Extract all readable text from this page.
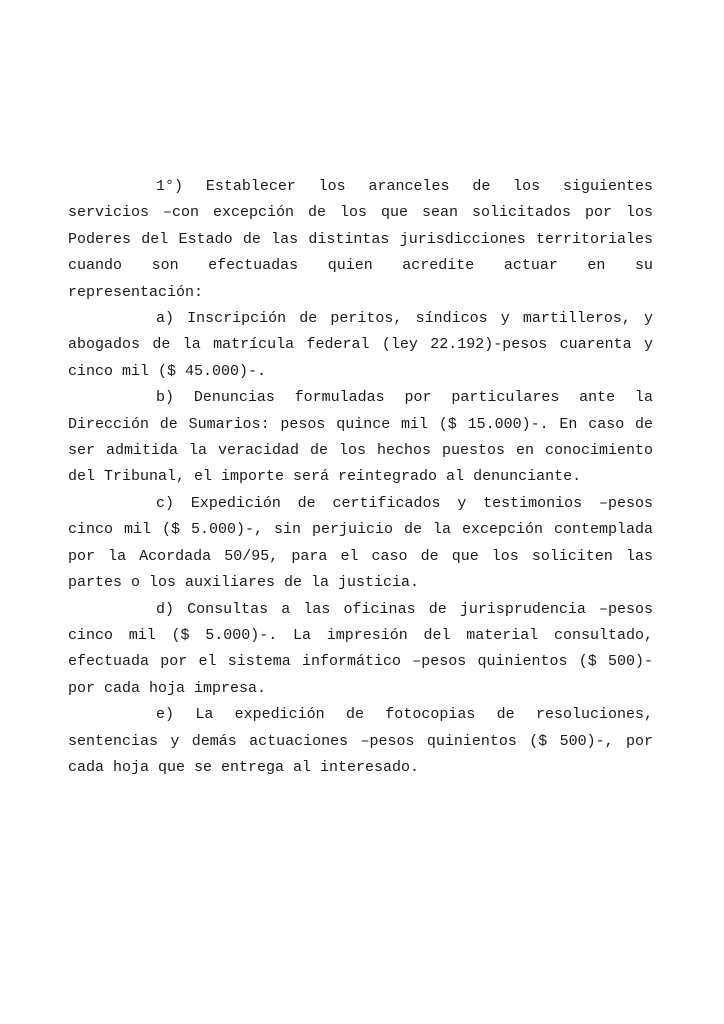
1°) Establecer los aranceles de los siguientes servicios –con excepción de los que sean solicitados por los Poderes del Estado de las distintas jurisdicciones territoriales cuando son efectuadas quien acredite actuar en su representación:

a) Inscripción de peritos, síndicos y martilleros, y abogados de la matrícula federal (ley 22.192)-pesos cuarenta y cinco mil ($ 45.000)-.

b) Denuncias formuladas por particulares ante la Dirección de Sumarios: pesos quince mil ($ 15.000)-. En caso de ser admitida la veracidad de los hechos puestos en conocimiento del Tribunal, el importe será reintegrado al denunciante.

c) Expedición de certificados y testimonios –pesos cinco mil ($ 5.000)-, sin perjuicio de la excepción contemplada por la Acordada 50/95, para el caso de que los soliciten las partes o los auxiliares de la justicia.

d) Consultas a las oficinas de jurisprudencia –pesos cinco mil ($ 5.000)-. La impresión del material consultado, efectuada por el sistema informático –pesos quinientos ($ 500)- por cada hoja impresa.

e) La expedición de fotocopias de resoluciones, sentencias y demás actuaciones –pesos quinientos ($ 500)-, por cada hoja que se entrega al interesado.
